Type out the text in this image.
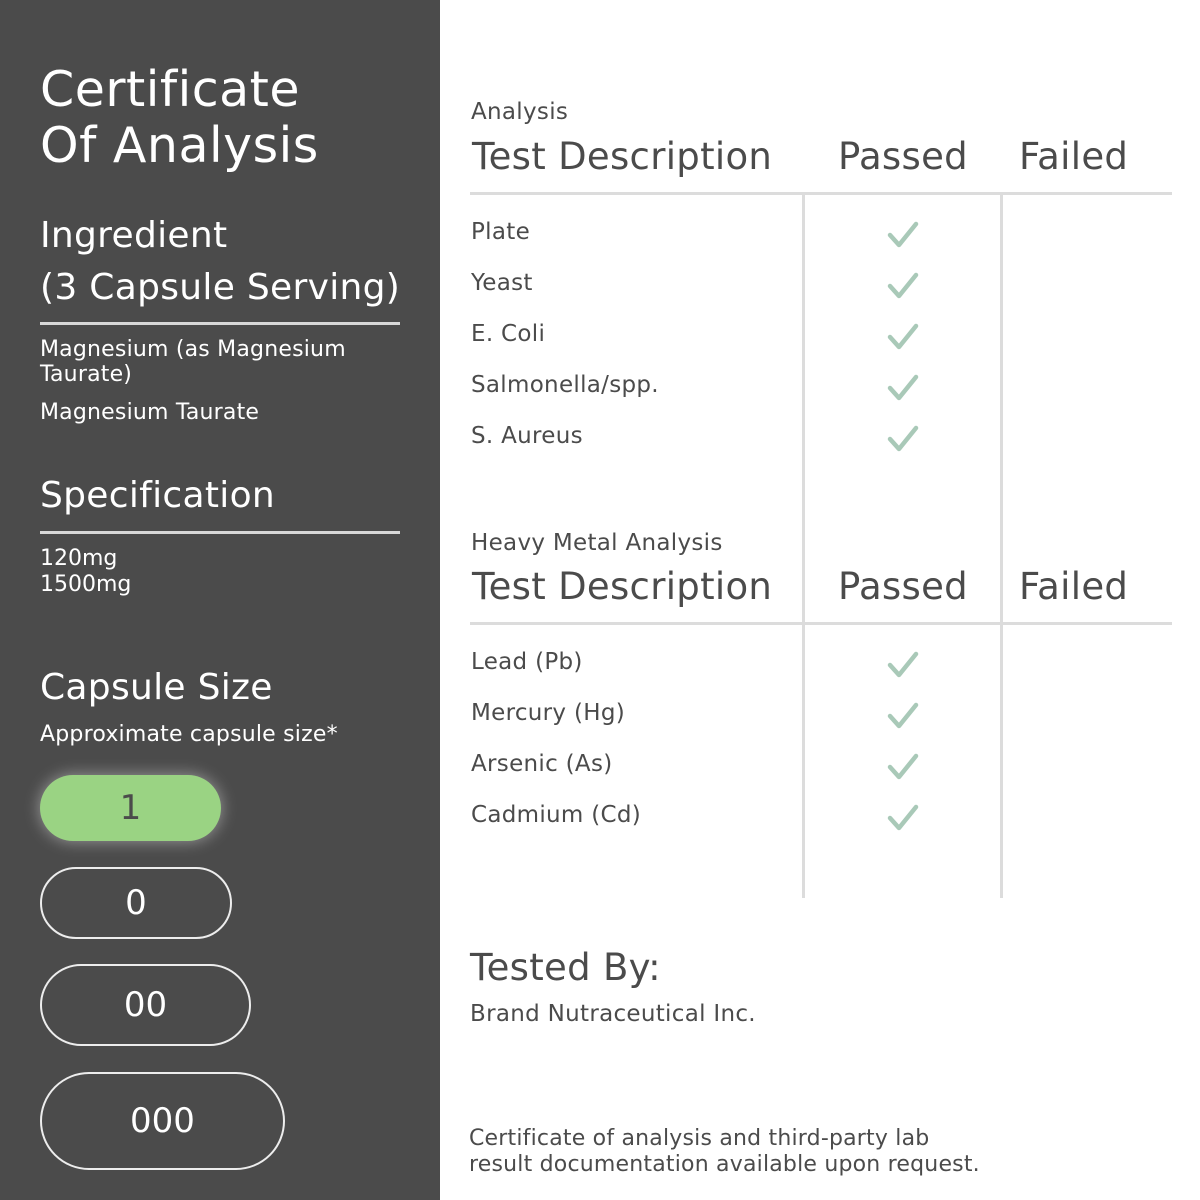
Certificate
Of Analysis
Ingredient
(3 Capsule Serving)
Magnesium (as Magnesium Taurate)
Magnesium Taurate
Specification
120mg
1500mg
Capsule Size
Approximate capsule size*
1
0
00
000
Analysis
Test Description Passed Failed
Plate
Yeast
E. Coli
Salmonella/spp.
S. Aureus
Heavy Metal Analysis
Test Description Passed Failed
Lead (Pb)
Mercury (Hg)
Arsenic (As)
Cadmium (Cd)
Tested By:
Brand Nutraceutical Inc.
Certificate of analysis and third-party lab
result documentation available upon request.
